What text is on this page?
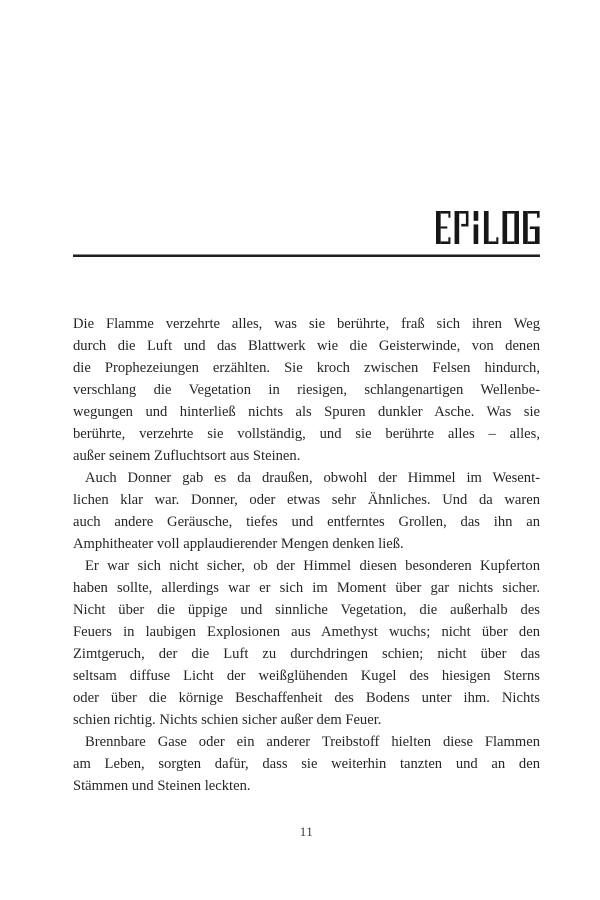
Die Flamme verzehrte alles, was sie berührte, fraß sich ihren Weg
durch die Luft und das Blattwerk wie die Geisterwinde, von denen
die Prophezeiungen erzählten. Sie kroch zwischen Felsen hindurch,
verschlang die Vegetation in riesigen, schlangenartigen Wellenbe-
wegungen und hinterließ nichts als Spuren dunkler Asche. Was sie
berührte, verzehrte sie vollständig, und sie berührte alles – alles,
außer seinem Zufluchtsort aus Steinen.

Auch Donner gab es da draußen, obwohl der Himmel im Wesent-
lichen klar war. Donner, oder etwas sehr Ähnliches. Und da waren
auch andere Geräusche, tiefes und entferntes Grollen, das ihn an
Amphitheater voll applaudierender Mengen denken ließ.

Er war sich nicht sicher, ob der Himmel diesen besonderen Kupferton
haben sollte, allerdings war er sich im Moment über gar nichts sicher.
Nicht über die üppige und sinnliche Vegetation, die außerhalb des
Feuers in laubigen Explosionen aus Amethyst wuchs; nicht über den
Zimtgeruch, der die Luft zu durchdringen schien; nicht über das
seltsam diffuse Licht der weißglühenden Kugel des hiesigen Sterns
oder über die körnige Beschaffenheit des Bodens unter ihm. Nichts
schien richtig. Nichts schien sicher außer dem Feuer.

Brennbare Gase oder ein anderer Treibstoff hielten diese Flammen
am Leben, sorgten dafür, dass sie weiterhin tanzten und an den
Stämmen und Steinen leckten.

11
